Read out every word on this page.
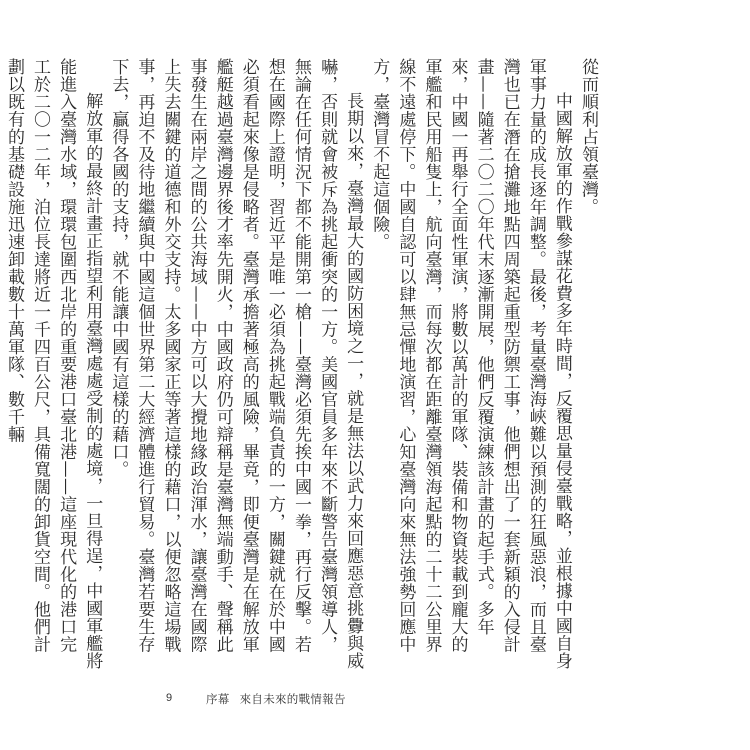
從而順利占領臺灣。

中國解放軍的作戰參謀花費多年時間，反覆思量侵臺戰略，並根據中國自身軍事力量的成長逐年調整。最後，考量臺灣海峽難以預測的狂風惡浪，而且臺灣也已在潛在搶灘地點四周築起重型防禦工事，他們想出了一套新穎的入侵計畫——隨著二〇二〇年代末逐漸開展，他們反覆演練該計畫的起手式。多年來，中國一再舉行全面性軍演，將數以萬計的軍隊、裝備和物資裝載到龐大的軍艦和民用船隻上，航向臺灣，而每次都在距離臺灣領海起點的二十二公里界線不遠處停下。中國自認可以肆無忌憚地演習，心知臺灣向來無法強勢回應中方，臺灣冒不起這個險。

長期以來，臺灣最大的國防困境之一，就是無法以武力來回應惡意挑釁與威嚇，否則就會被斥為挑起衝突的一方。美國官員多年來不斷警告臺灣領導人，無論在任何情況下都不能開第一槍——臺灣必須先挨中國一拳，再行反擊。若想在國際上證明，習近平是唯一必須為挑起戰端負責的一方，關鍵就在於中國必須看起來像是侵略者。臺灣承擔著極高的風險，畢竟，即便臺灣是在解放軍艦艇越過臺灣邊界後才率先開火，中國政府仍可辯稱是臺灣無端動手、聲稱此事發生在兩岸之間的公共海域——中方可以大攪地緣政治渾水，讓臺灣在國際上失去關鍵的道德和外交支持。太多國家正等著這樣的藉口，以便忽略這場戰事，再迫不及待地繼續與中國這個世界第二大經濟體進行貿易。臺灣若要生存下去，贏得各國的支持，就不能讓中國有這樣的藉口。

解放軍的最終計畫正指望利用臺灣處處受制的處境，一旦得逞，中國軍艦將能進入臺灣水域，環環包圍西北岸的重要港口臺北港——這座現代化的港口完工於二〇一二年，泊位長達將近一千四百公尺，具備寬闊的卸貨空間。他們計劃以既有的基礎設施迅速卸載數十萬軍隊、數千輛

9	序幕 來自未來的戰情報告
